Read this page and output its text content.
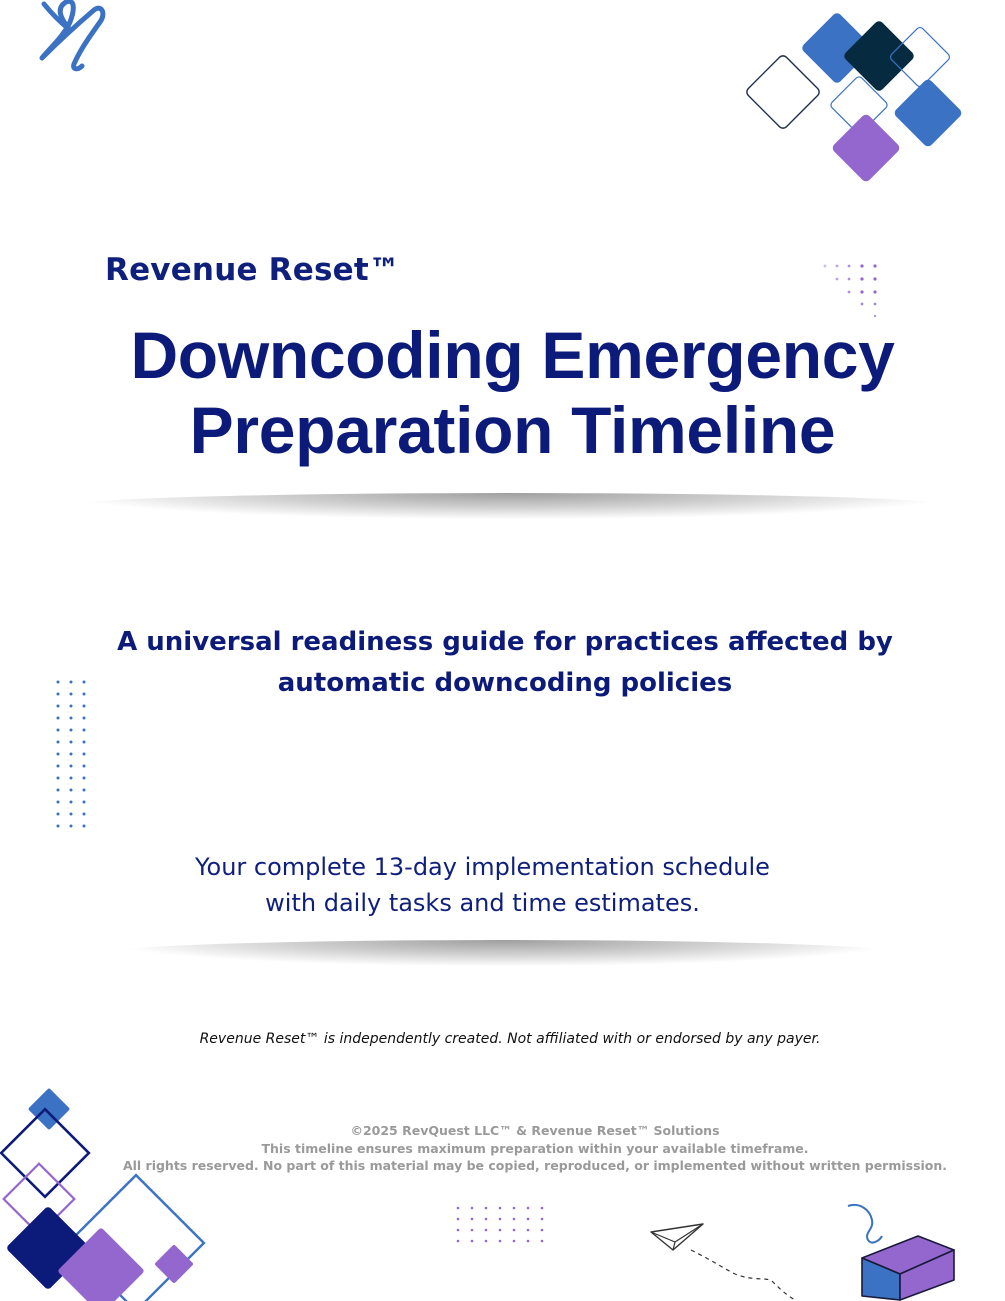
Revenue Reset™
Downcoding Emergency
Preparation Timeline
A universal readiness guide for practices affected by
automatic downcoding policies
Your complete 13-day implementation schedule
with daily tasks and time estimates.
Revenue Reset™ is independently created. Not affiliated with or endorsed by any payer.
©2025 RevQuest LLC™ & Revenue Reset™ Solutions
This timeline ensures maximum preparation within your available timeframe.
All rights reserved. No part of this material may be copied, reproduced, or implemented without written permission.
